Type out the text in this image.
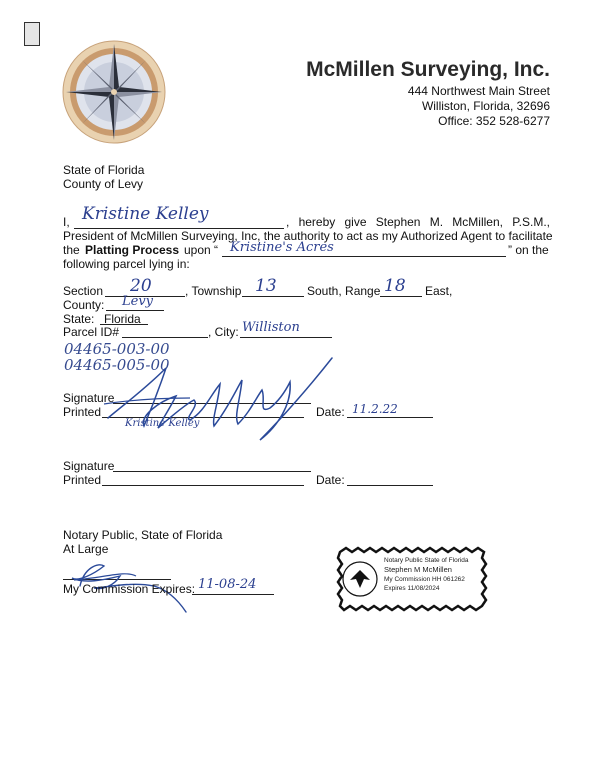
McMillen Surveying, Inc.
444 Northwest Main Street
Williston, Florida, 32696
Office: 352 528-6277
State of Florida
County of Levy
I, Kristine Kelley	, hereby give Stephen M. McMillen, P.S.M.,
President of McMillen Surveying, Inc, the authority to act as my Authorized Agent to facilitate
the Platting Process upon “ Kristine's Acres	” on the
following parcel lying in:
Section 20	, Township 13	South, Range 18 East,
County: Levy
State: Florida
Parcel ID#	, City: Williston
04465-003-00
04465-005-00
Signature
Printed	Date: 11.2.22
Kristine Kelley
Signature
Printed	Date:
Notary Public, State of Florida
At Large
My Commission Expires: 11-08-24
Notary Public State of Florida
Stephen M McMillen
My Commission HH 061262
Expires 11/08/2024
